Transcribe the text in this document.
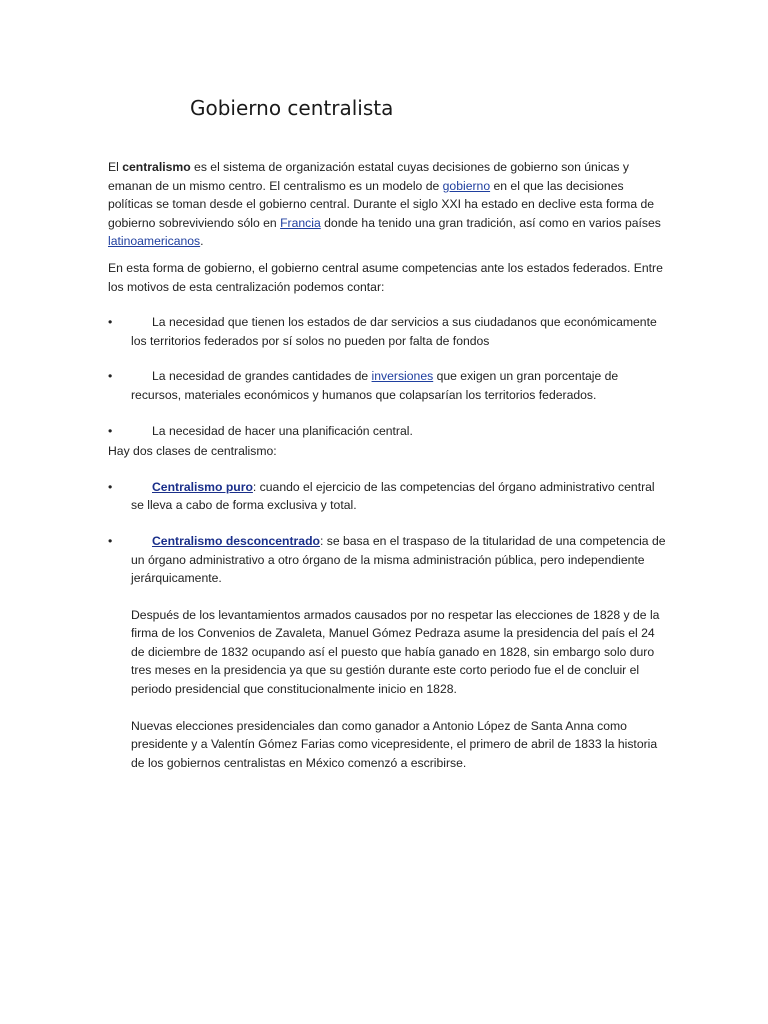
Gobierno centralista

El centralismo es el sistema de organización estatal cuyas decisiones de gobierno son únicas y emanan de un mismo centro. El centralismo es un modelo de gobierno en el que las decisiones políticas se toman desde el gobierno central. Durante el siglo XXI ha estado en declive esta forma de gobierno sobreviviendo sólo en Francia donde ha tenido una gran tradición, así como en varios países latinoamericanos.

En esta forma de gobierno, el gobierno central asume competencias ante los estados federados. Entre los motivos de esta centralización podemos contar:

•	La necesidad que tienen los estados de dar servicios a sus ciudadanos que económicamente los territorios federados por sí solos no pueden por falta de fondos
•	La necesidad de grandes cantidades de inversiones que exigen un gran porcentaje de recursos, materiales económicos y humanos que colapsarían los territorios federados.
•	La necesidad de hacer una planificación central.

Hay dos clases de centralismo:

•	Centralismo puro: cuando el ejercicio de las competencias del órgano administrativo central se lleva a cabo de forma exclusiva y total.
•	Centralismo desconcentrado: se basa en el traspaso de la titularidad de una competencia de un órgano administrativo a otro órgano de la misma administración pública, pero independiente jerárquicamente.

Después de los levantamientos armados causados por no respetar las elecciones de 1828 y de la firma de los Convenios de Zavaleta, Manuel Gómez Pedraza asume la presidencia del país el 24 de diciembre de 1832 ocupando así el puesto que había ganado en 1828, sin embargo solo duro tres meses en la presidencia ya que su gestión durante este corto periodo fue el de concluir el periodo presidencial que constitucionalmente inicio en 1828.

Nuevas elecciones presidenciales dan como ganador a Antonio López de Santa Anna como presidente y a Valentín Gómez Farias como vicepresidente, el primero de abril de 1833 la historia de los gobiernos centralistas en México comenzó a escribirse.
